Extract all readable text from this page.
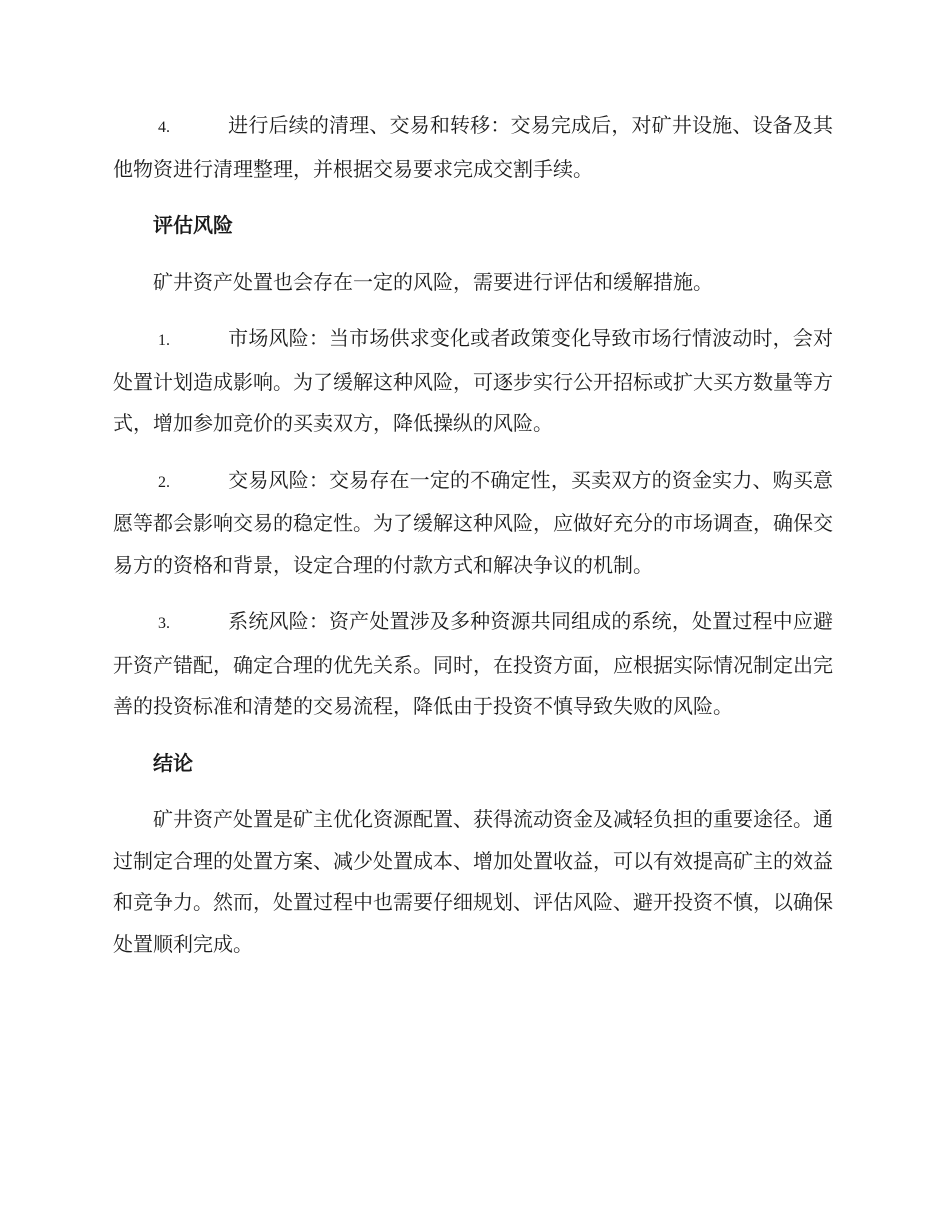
4.	进行后续的清理、交易和转移：交易完成后，对矿井设施、设备及其他物资进行清理整理，并根据交易要求完成交割手续。

评估风险

矿井资产处置也会存在一定的风险，需要进行评估和缓解措施。

1.	市场风险：当市场供求变化或者政策变化导致市场行情波动时，会对处置计划造成影响。为了缓解这种风险，可逐步实行公开招标或扩大买方数量等方式，增加参加竞价的买卖双方，降低操纵的风险。

2.	交易风险：交易存在一定的不确定性，买卖双方的资金实力、购买意愿等都会影响交易的稳定性。为了缓解这种风险，应做好充分的市场调查，确保交易方的资格和背景，设定合理的付款方式和解决争议的机制。

3.	系统风险：资产处置涉及多种资源共同组成的系统，处置过程中应避开资产错配，确定合理的优先关系。同时，在投资方面，应根据实际情况制定出完善的投资标准和清楚的交易流程，降低由于投资不慎导致失败的风险。

结论

矿井资产处置是矿主优化资源配置、获得流动资金及减轻负担的重要途径。通过制定合理的处置方案、减少处置成本、增加处置收益，可以有效提高矿主的效益和竞争力。然而，处置过程中也需要仔细规划、评估风险、避开投资不慎，以确保处置顺利完成。
